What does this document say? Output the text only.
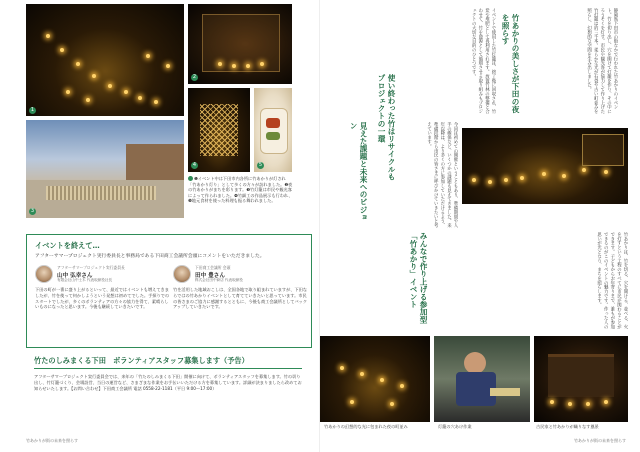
1
2
3
4	5
❶イベント中は下田市内各所に竹あかりが灯され「竹あかり灯り」として多くの方々が訪れました。❷夜の竹あかりがまちを彩ります。❸竹灯籠は市民や観光客によって作られました。❹竹細工の作品展示も行われ、❺地元食材を使った料理も振る舞われました。
イベントを終えて…
アフターサマープロジェクト実行委員長と事務局である下田商工会議所会頭にコメントをいただきました。
アフターサマープロジェクト実行委員長
山中 弘幸さん
有限会社山中土木 代表取締役社長
下田の町が一番に盛り上がるといって、最近ではイベントも増えてきましたが、竹を使って何かしようという発想は初めてでした。手探りでのスタートでしたが、多くのボランティアの方々の協力を得て、素晴らしいものになったと思います。今後も継続していきたいです。
下田商工会議所 会頭
田中 豊さん
株式会社田中商店 代表取締役
竹を活用した地域おこしは、全国各地で取り組まれていますが、下田ならではの竹あかりイベントとして育てていきたいと思っています。市民の皆さまのご協力に感謝するとともに、今後も商工会議所としてバックアップしていきたいです。
竹たのしみまくる下田　ボランティアスタッフ募集します（予告）
アフターサマープロジェクト実行委員会では、来年の「竹たのしみまくる下田」開催に向けて、ボランティアスタッフを募集します。竹の切り出し、竹灯籠づくり、会場設営、当日の運営など、さまざまな作業をお手伝いいただける方を募集しています。詳細が決まりましたら改めてお知らせいたします。【お問い合わせ】下田商工会議所 電話 0558-22-1181（平日 9:00〜17:00）
竹あかりが街の未来を照らす
竹あかりの美しさが下田の夜を照らす	静岡県下田市の街なかで行われた竹あかりのイベント。竹を切り出し、穴を開けて灯籠を作り、その中にろうそくを灯す。市民や観光客が協力して作り上げた竹灯籠は約三千本。柔らかな光が石畳や古い町並みを照らし、幻想的な空間を生み出しました。
使い終わった竹はリサイクルもプロジェクトの一環	イベントで使用した竹灯籠は、終了後に回収され、竹炭や堆肥として再利用されます。放置竹林の整備と合わせて、竹を資源として循環させる取り組みもプロジェクトの大切な目的のひとつです。
見えた課題と未来へのビジョン	今回は初めての開催ということもあり、準備期間や人手の確保など、いくつかの課題も見えてきました。来年以降は、より多くの方に参加していただけるよう、準備段階から市民の皆さまに呼びかけていきたいと考えています。
みんなで作り上げる参加型「竹あかり」イベント	竹あかりは、竹を切る、穴を開ける、並べる、火を灯すという工程のすべてに市民が関わることができます。子どもからお年寄りまで、誰もが参加できるのがこのイベントの魅力です。作った人の思いが光となり、まちを照らします。
竹あかりの幻想的な光に包まれた夜の町並み	灯籠の穴あけ作業	古民家と竹あかりが織りなす風景
竹あかりが街の未来を照らす
